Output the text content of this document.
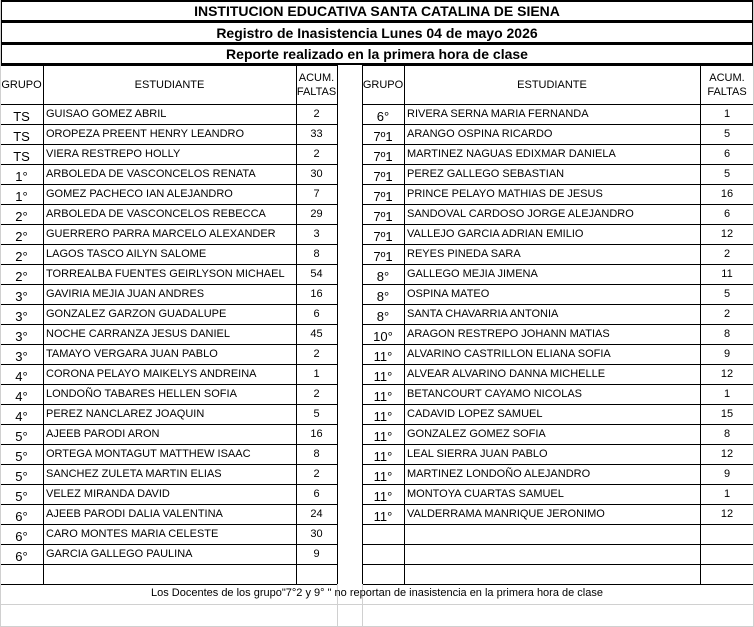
INSTITUCION EDUCATIVA SANTA CATALINA DE SIENA
Registro de Inasistencia Lunes 04 de mayo 2026
Reporte realizado en la primera hora de clase
GRUPO	ESTUDIANTE
ACUM.
FALTAS
TS	GUISAO GOMEZ ABRIL	2
TS	OROPEZA PREENT HENRY LEANDRO	33
TS	VIERA RESTREPO HOLLY	2
1°	ARBOLEDA DE VASCONCELOS RENATA	30
1°	GOMEZ PACHECO IAN ALEJANDRO	7
2°	ARBOLEDA DE VASCONCELOS REBECCA	29
2°	GUERRERO PARRA MARCELO ALEXANDER	3
2°	LAGOS TASCO AILYN SALOME	8
2°	TORREALBA FUENTES GEIRLYSON MICHAEL	54
3°	GAVIRIA MEJIA JUAN ANDRES	16
3°	GONZALEZ GARZON GUADALUPE	6
3°	NOCHE CARRANZA JESUS DANIEL	45
3°	TAMAYO VERGARA JUAN PABLO	2
4°	CORONA PELAYO MAIKELYS ANDREINA	1
4°	LONDOÑO TABARES HELLEN SOFIA	2
4°	PEREZ NANCLAREZ JOAQUIN	5
5°	AJEEB PARODI ARON	16
5°	ORTEGA MONTAGUT MATTHEW ISAAC	8
5°	SANCHEZ ZULETA MARTIN ELIAS	2
5°	VELEZ MIRANDA DAVID	6
6°	AJEEB PARODI DALIA VALENTINA	24
6°	CARO MONTES MARIA CELESTE	30
6°	GARCIA GALLEGO PAULINA	9
GRUPO	ESTUDIANTE
ACUM.
FALTAS
6°	RIVERA SERNA MARIA FERNANDA	1
7º1	ARANGO OSPINA RICARDO	5
7º1	MARTINEZ NAGUAS EDIXMAR DANIELA	6
7º1	PEREZ GALLEGO SEBASTIAN	5
7º1	PRINCE PELAYO MATHIAS DE JESUS	16
7º1	SANDOVAL CARDOSO JORGE ALEJANDRO	6
7º1	VALLEJO GARCIA ADRIAN EMILIO	12
7º1	REYES PINEDA SARA	2
8°	GALLEGO MEJIA JIMENA	11
8°	OSPINA MATEO	5
8°	SANTA CHAVARRIA ANTONIA	2
10°	ARAGON RESTREPO JOHANN MATIAS	8
11°	ALVARINO CASTRILLON ELIANA SOFIA	9
11°	ALVEAR ALVARINO DANNA MICHELLE	12
11°	BETANCOURT CAYAMO NICOLAS	1
11°	CADAVID LOPEZ SAMUEL	15
11°	GONZALEZ GOMEZ SOFIA	8
11°	LEAL SIERRA JUAN PABLO	12
11°	MARTINEZ LONDOÑO ALEJANDRO	9
11°	MONTOYA CUARTAS SAMUEL	1
11°	VALDERRAMA MANRIQUE JERONIMO	12
Los Docentes de los grupo"7°2 y 9° " no reportan de inasistencia en la primera hora de clase
